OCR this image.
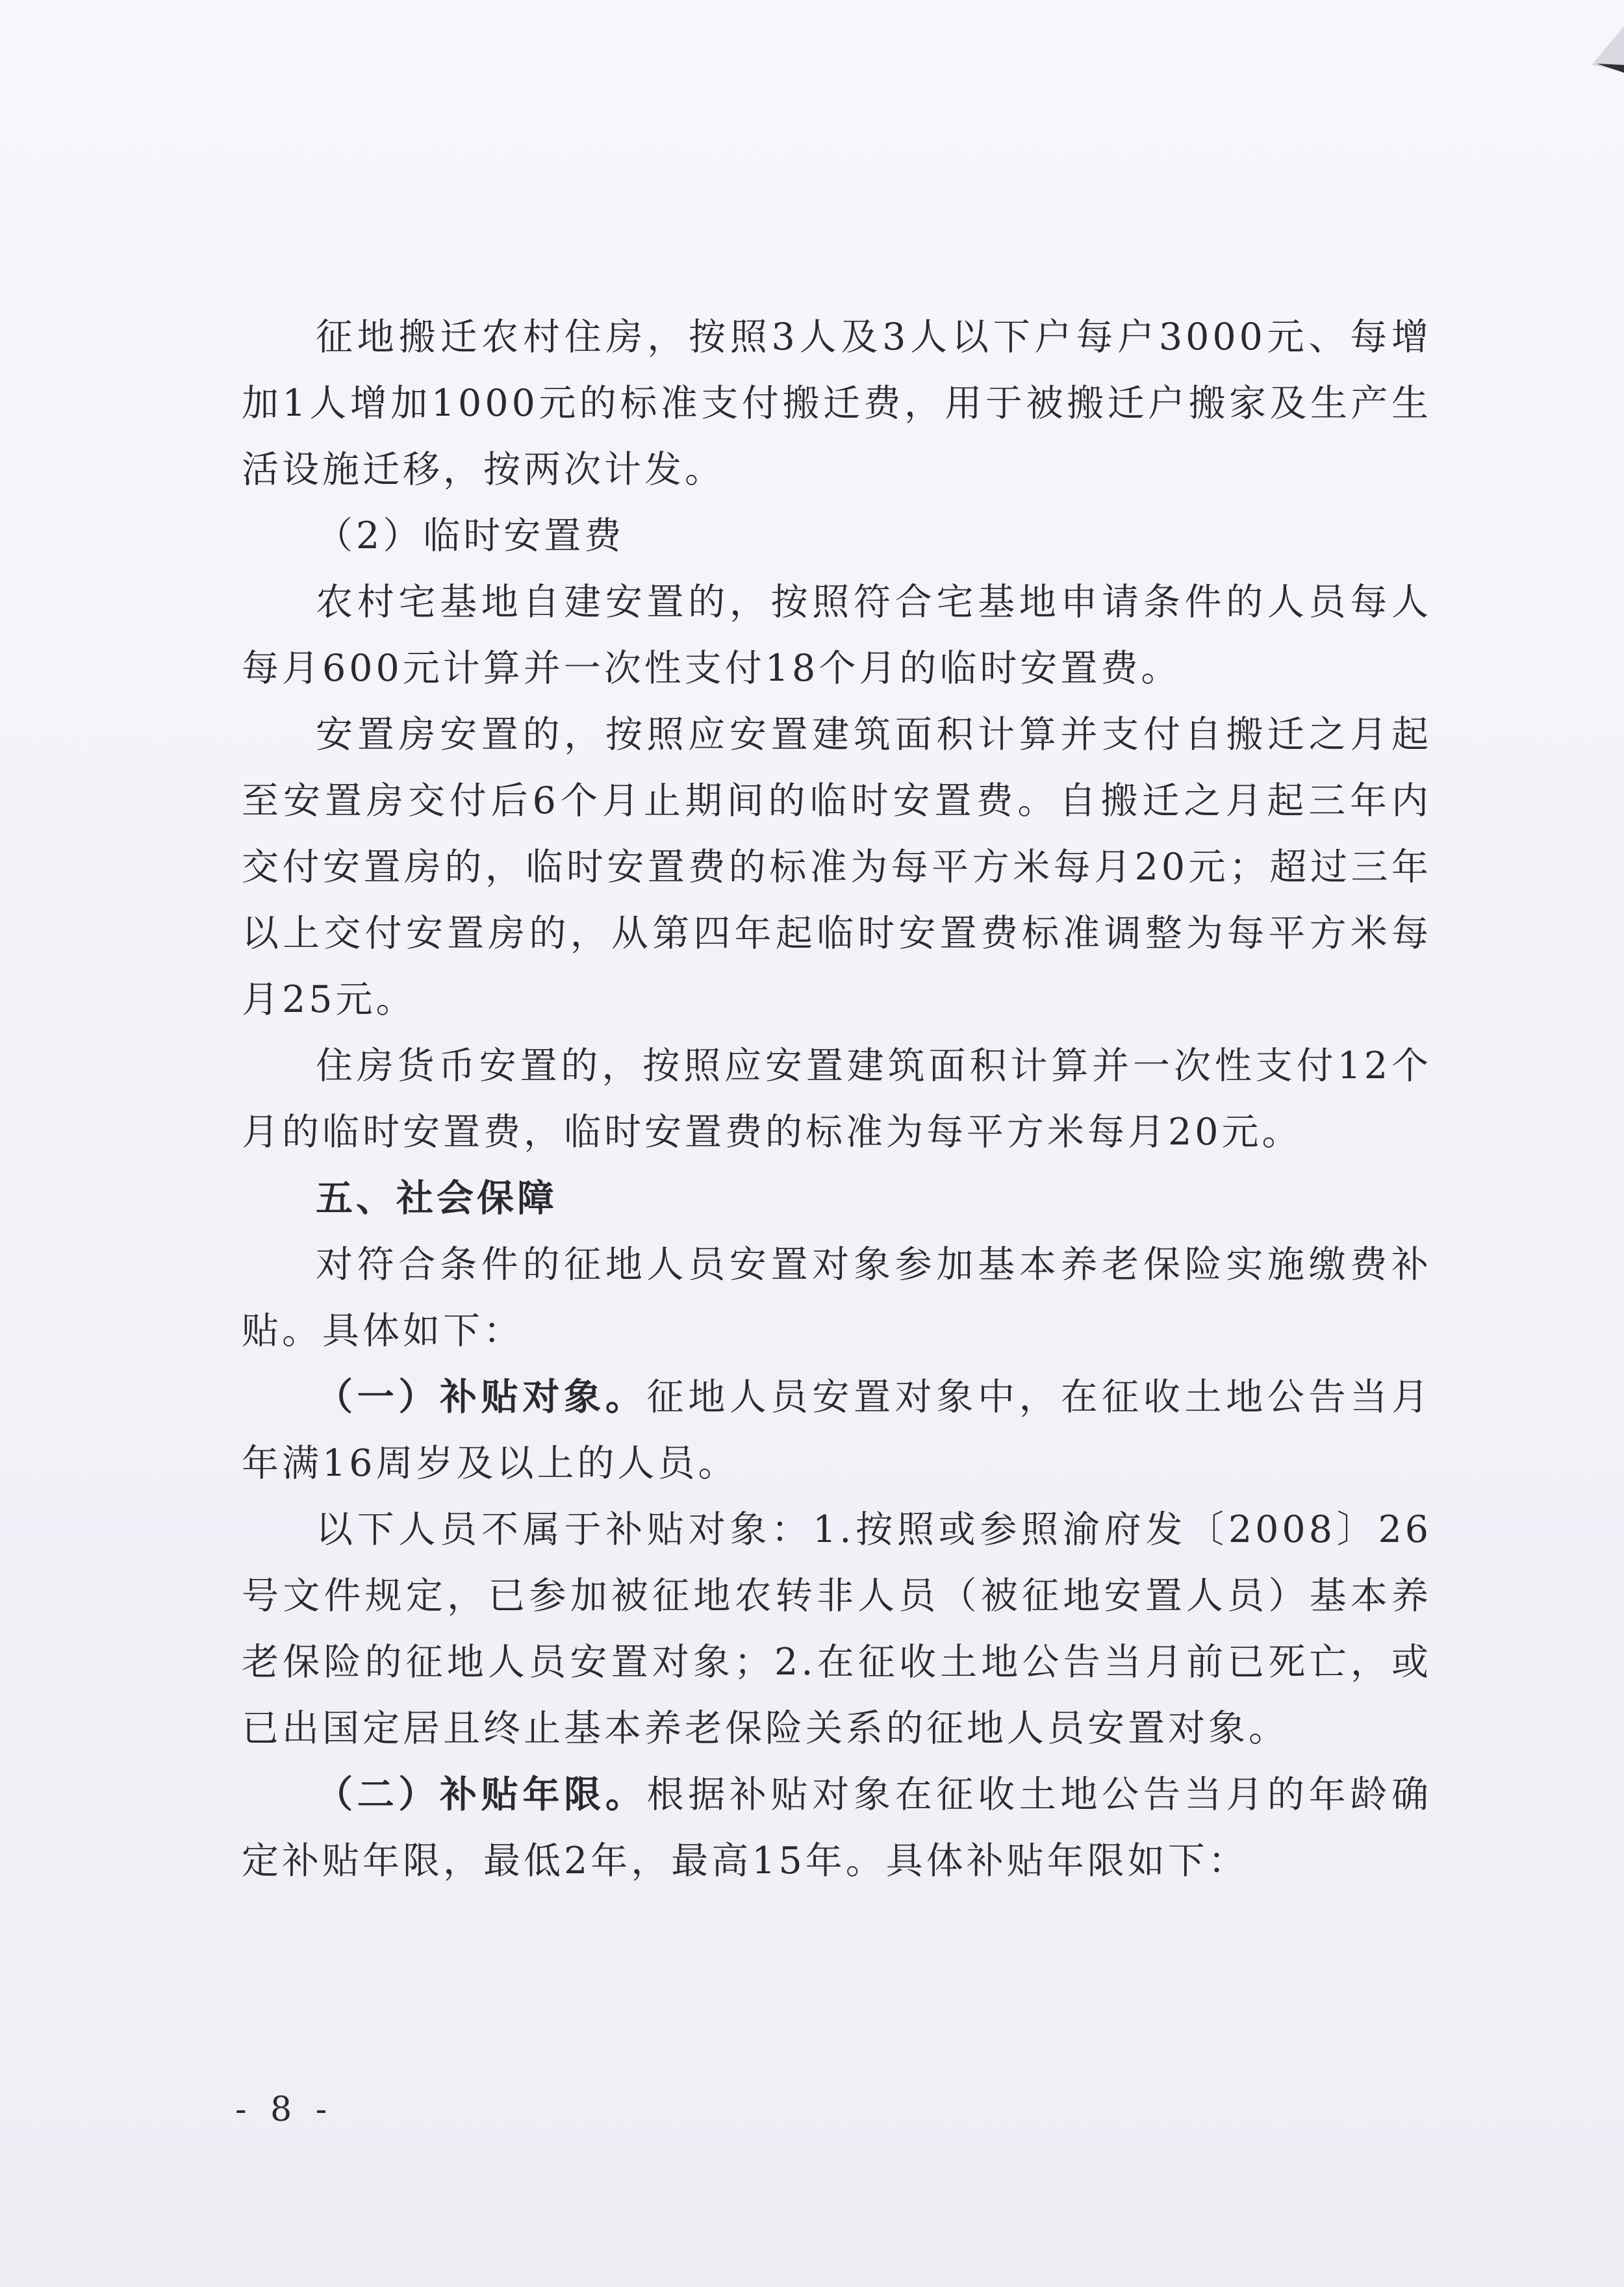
征地搬迁农村住房，按照3人及3人以下户每户3000元、每增加1人增加1000元的标准支付搬迁费，用于被搬迁户搬家及生产生活设施迁移，按两次计发。

（2）临时安置费

农村宅基地自建安置的，按照符合宅基地申请条件的人员每人每月600元计算并一次性支付18个月的临时安置费。

安置房安置的，按照应安置建筑面积计算并支付自搬迁之月起至安置房交付后6个月止期间的临时安置费。自搬迁之月起三年内交付安置房的，临时安置费的标准为每平方米每月20元；超过三年以上交付安置房的，从第四年起临时安置费标准调整为每平方米每月25元。

住房货币安置的，按照应安置建筑面积计算并一次性支付12个月的临时安置费，临时安置费的标准为每平方米每月20元。

五、社会保障

对符合条件的征地人员安置对象参加基本养老保险实施缴费补贴。具体如下：

（一）补贴对象。征地人员安置对象中，在征收土地公告当月年满16周岁及以上的人员。

以下人员不属于补贴对象：1.按照或参照渝府发〔2008〕26号文件规定，已参加被征地农转非人员（被征地安置人员）基本养老保险的征地人员安置对象；2.在征收土地公告当月前已死亡，或已出国定居且终止基本养老保险关系的征地人员安置对象。

（二）补贴年限。根据补贴对象在征收土地公告当月的年龄确定补贴年限，最低2年，最高15年。具体补贴年限如下：

- 8 -
